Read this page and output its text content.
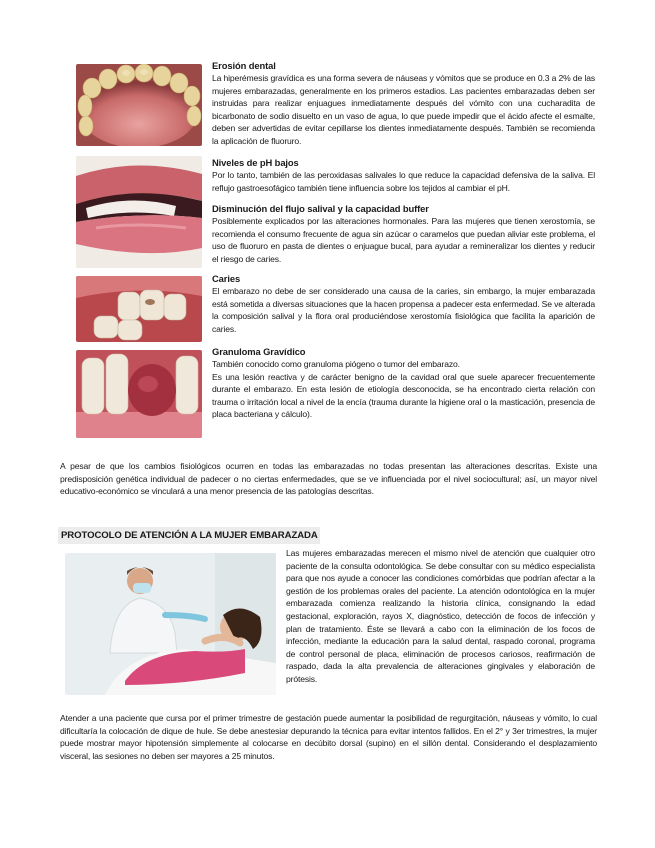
Erosión dental

La hiperémesis gravídica es una forma severa de náuseas y vómitos que se produce en 0.3 a 2% de las mujeres embarazadas, generalmente en los primeros estadios. Las pacientes embarazadas deben ser instruidas para realizar enjuagues inmediatamente después del vómito con una cucharadita de bicarbonato de sodio disuelto en un vaso de agua, lo que puede impedir que el ácido afecte el esmalte, deben ser advertidas de evitar cepillarse los dientes inmediatamente después. También se recomienda la aplicación de fluoruro.

Niveles de pH bajos

Por lo tanto, también de las peroxidasas salivales lo que reduce la capacidad defensiva de la saliva. El reflujo gastroesofágico también tiene influencia sobre los tejidos al cambiar el pH.

Disminución del flujo salival y la capacidad buffer

Posiblemente explicados por las alteraciones hormonales. Para las mujeres que tienen xerostomía, se recomienda el consumo frecuente de agua sin azúcar o caramelos que puedan aliviar este problema, el uso de fluoruro en pasta de dientes o enjuague bucal, para ayudar a remineralizar los dientes y reducir el riesgo de caries.

Caries

El embarazo no debe de ser considerado una causa de la caries, sin embargo, la mujer embarazada está sometida a diversas situaciones que la hacen propensa a padecer esta enfermedad. Se ve alterada la composición salival y la flora oral produciéndose xerostomía fisiológica que facilita la aparición de caries.

Granuloma Gravídico

También conocido como granuloma piógeno o tumor del embarazo.

Es una lesión reactiva y de carácter benigno de la cavidad oral que suele aparecer frecuentemente durante el embarazo. En esta lesión de etiología desconocida, se ha encontrado cierta relación con trauma o irritación local a nivel de la encía (trauma durante la higiene oral o la masticación, presencia de placa bacteriana y cálculo).

A pesar de que los cambios fisiológicos ocurren en todas las embarazadas no todas presentan las alteraciones descritas. Existe una predisposición genética individual de padecer o no ciertas enfermedades, que se ve influenciada por el nivel sociocultural; así, un mayor nivel educativo-económico se vinculará a una menor presencia de las patologías descritas.

PROTOCOLO DE ATENCIÓN A LA MUJER EMBARAZADA

Las mujeres embarazadas merecen el mismo nivel de atención que cualquier otro paciente de la consulta odontológica. Se debe consultar con su médico especialista para que nos ayude a conocer las condiciones comórbidas que podrían afectar a la gestión de los problemas orales del paciente. La atención odontológica en la mujer embarazada comienza realizando la historia clínica, consignando la edad gestacional, exploración, rayos X, diagnóstico, detección de focos de infección y plan de tratamiento. Éste se llevará a cabo con la eliminación de los focos de infección, mediante la educación para la salud dental, raspado coronal, programa de control personal de placa, eliminación de procesos cariosos, reafirmación de raspado, dada la alta prevalencia de alteraciones gingivales y elaboración de prótesis.

Atender a una paciente que cursa por el primer trimestre de gestación puede aumentar la posibilidad de regurgitación, náuseas y vómito, lo cual dificultaría la colocación de dique de hule. Se debe anestesiar depurando la técnica para evitar intentos fallidos. En el 2° y 3er trimestres, la mujer puede mostrar mayor hipotensión simplemente al colocarse en decúbito dorsal (supino) en el sillón dental. Considerando el desplazamiento visceral, las sesiones no deben ser mayores a 25 minutos.
